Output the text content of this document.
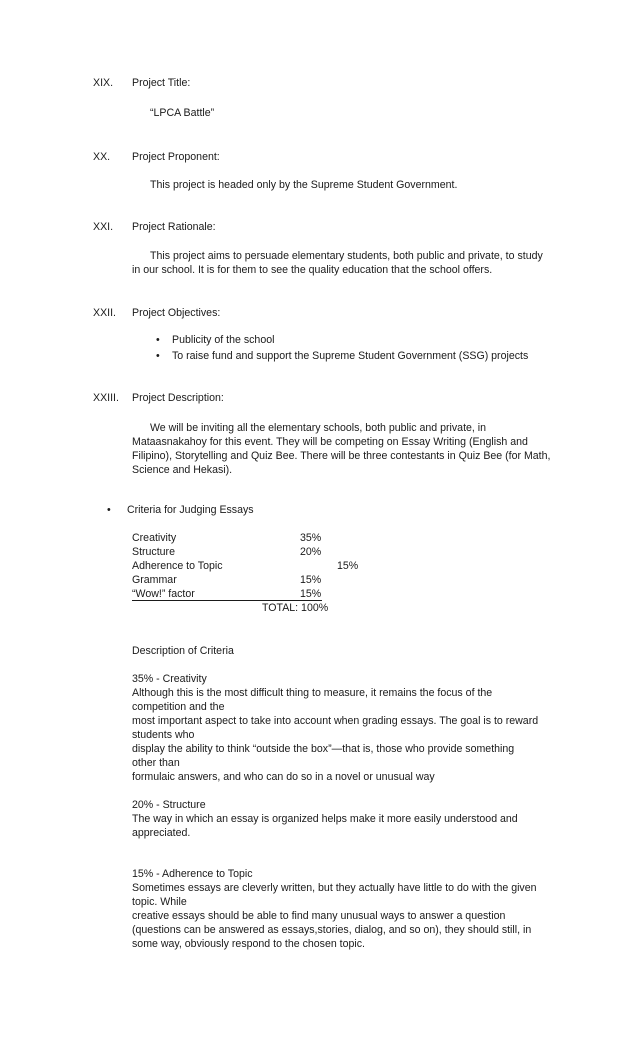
XIX. Project Title:
“LPCA Battle”
XX. Project Proponent:
This project is headed only by the Supreme Student Government.
XXI. Project Rationale:
This project aims to persuade elementary students, both public and private, to study
in our school. It is for them to see the quality education that the school offers.
XXII. Project Objectives:
• Publicity of the school
• To raise fund and support the Supreme Student Government (SSG) projects
XXIII. Project Description:
We will be inviting all the elementary schools, both public and private, in
Mataasnakahoy for this event. They will be competing on Essay Writing (English and
Filipino), Storytelling and Quiz Bee. There will be three contestants in Quiz Bee (for Math,
Science and Hekasi).
• Criteria for Judging Essays
Creativity	35%
Structure	20%
Adherence to Topic	15%
Grammar	15%
“Wow!” factor	15%
TOTAL: 100%
Description of Criteria
35% - Creativity
Although this is the most difficult thing to measure, it remains the focus of the
competition and the
most important aspect to take into account when grading essays. The goal is to reward
students who
display the ability to think “outside the box”—that is, those who provide something
other than
formulaic answers, and who can do so in a novel or unusual way
20% - Structure
The way in which an essay is organized helps make it more easily understood and
appreciated.
15% - Adherence to Topic
Sometimes essays are cleverly written, but they actually have little to do with the given
topic. While
creative essays should be able to find many unusual ways to answer a question
(questions can be answered as essays,stories, dialog, and so on), they should still, in
some way, obviously respond to the chosen topic.
